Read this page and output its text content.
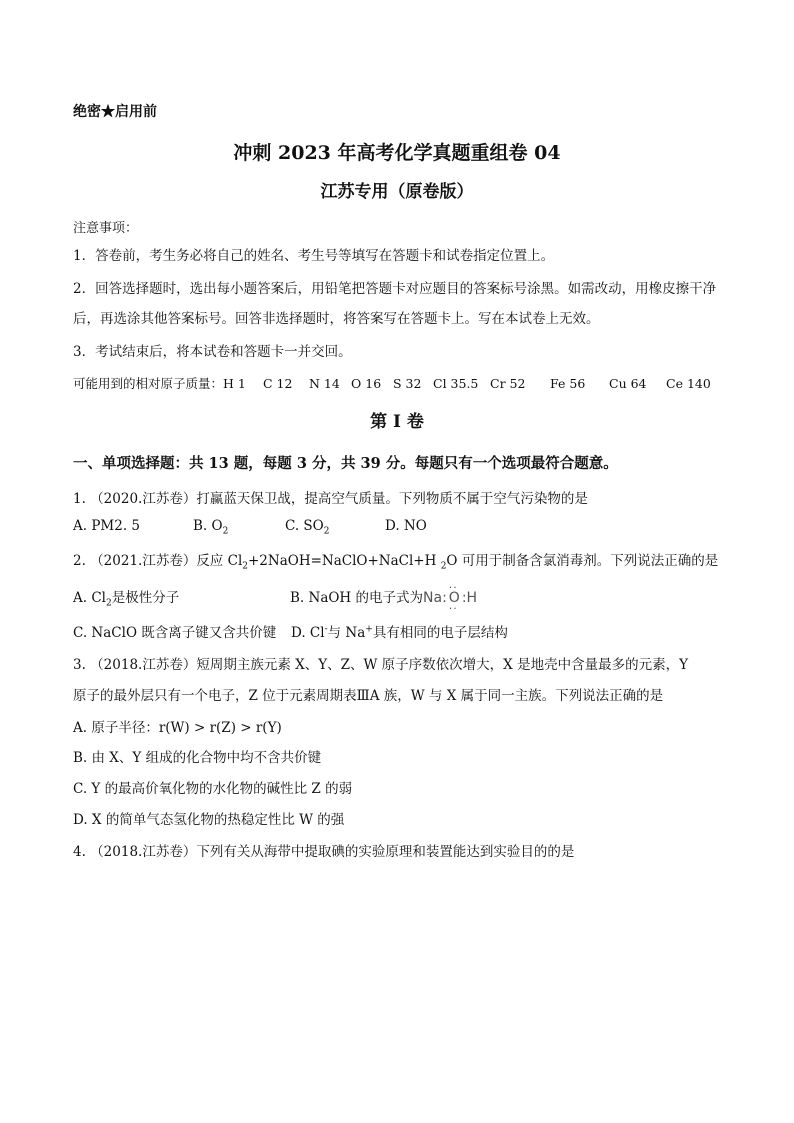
绝密★启用前
冲刺 2023 年高考化学真题重组卷 04
江苏专用（原卷版）
注意事项：
1．答卷前，考生务必将自己的姓名、考生号等填写在答题卡和试卷指定位置上。
2．回答选择题时，选出每小题答案后，用铅笔把答题卡对应题目的答案标号涂黑。如需改动，用橡皮擦干净后，再选涂其他答案标号。回答非选择题时，将答案写在答题卡上。写在本试卷上无效。
3．考试结束后，将本试卷和答题卡一并交回。
可能用到的相对原子质量：H 1 C 12 N 14 O 16 S 32 Cl 35.5 Cr 52 Fe 56 Cu 64 Ce 140
第 I 卷
一、单项选择题：共 13 题，每题 3 分，共 39 分。每题只有一个选项最符合题意。
1. （2020.江苏卷）打赢蓝天保卫战，提高空气质量。下列物质不属于空气污染物的是
A. PM2. 5	B. $O_2$	C. $SO_2$	D. NO
2. （2021.江苏卷）反应 $Cl_2+2NaOH=NaClO+NaCl+H$ $_2$O 可用于制备含氯消毒剂。下列说法正确的是
A. $Cl_2$是极性分子	B. NaOH 的电子式为Na:·· O ·· :H
C. NaClO 既含离子键又含共价键 D. Cl-与 Na+具有相同的电子层结构
3. （2018.江苏卷）短周期主族元素 X、Y、Z、W 原子序数依次增大，X 是地壳中含量最多的元素，Y
原子的最外层只有一个电子，Z 位于元素周期表ⅢA 族，W 与 X 属于同一主族。下列说法正确的是
A. 原子半径：r(W) > r(Z) > r(Y)
B. 由 X、Y 组成的化合物中均不含共价键
C. Y 的最高价氧化物的水化物的碱性比 Z 的弱
D. X 的简单气态氢化物的热稳定性比 W 的强
4. （2018.江苏卷）下列有关从海带中提取碘的实验原理和装置能达到实验目的的是
